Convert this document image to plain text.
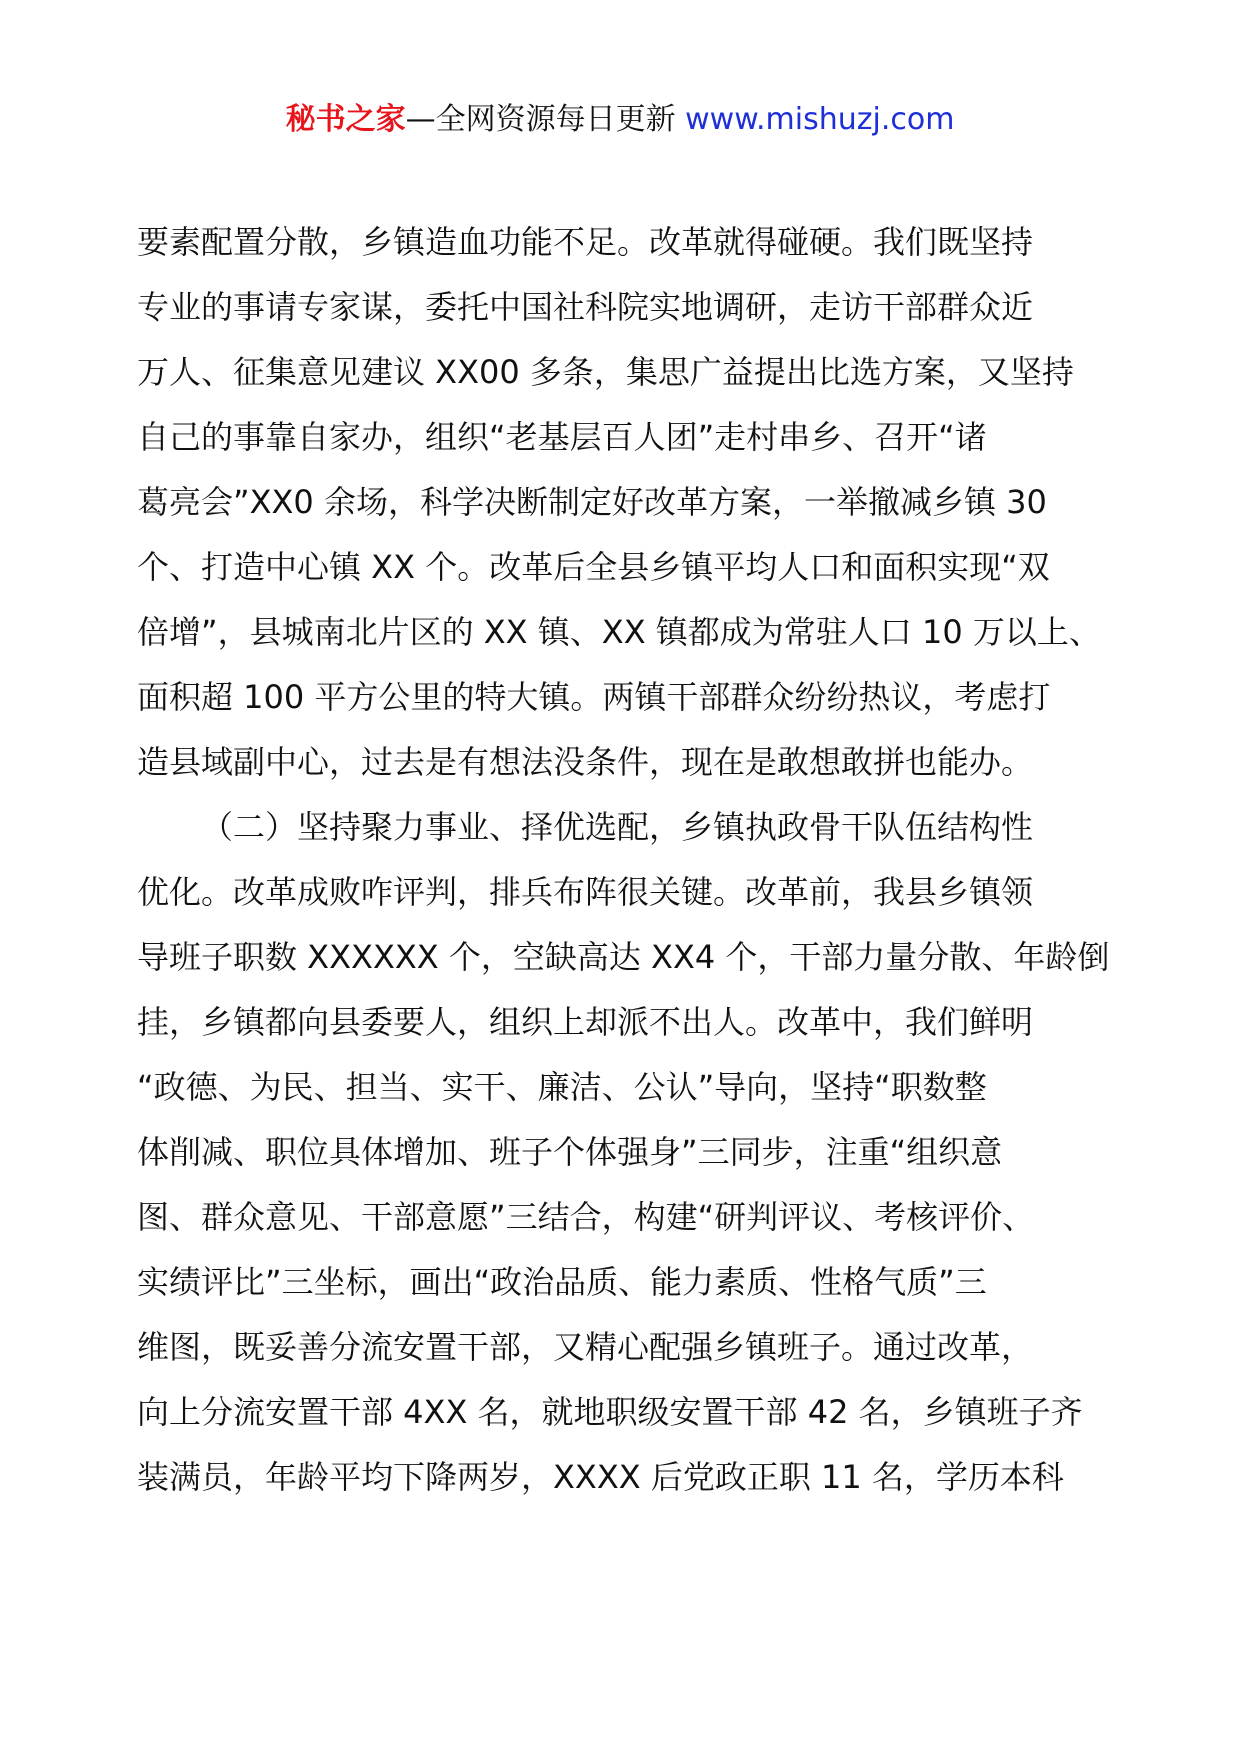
秘书之家—全网资源每日更新 www.mishuzj.com
要素配置分散，乡镇造血功能不足。改革就得碰硬。我们既坚持
专业的事请专家谋，委托中国社科院实地调研，走访干部群众近
万人、征集意见建议 XX00 多条，集思广益提出比选方案，又坚持
自己的事靠自家办，组织“老基层百人团”走村串乡、召开“诸
葛亮会”XX0 余场，科学决断制定好改革方案，一举撤减乡镇 30
个、打造中心镇 XX 个。改革后全县乡镇平均人口和面积实现“双
倍增”，县城南北片区的 XX 镇、XX 镇都成为常驻人口 10 万以上、
面积超 100 平方公里的特大镇。两镇干部群众纷纷热议，考虑打
造县域副中心，过去是有想法没条件，现在是敢想敢拼也能办。
（二）坚持聚力事业、择优选配，乡镇执政骨干队伍结构性
优化。改革成败咋评判，排兵布阵很关键。改革前，我县乡镇领
导班子职数 XXXXXX 个，空缺高达 XX4 个，干部力量分散、年龄倒
挂，乡镇都向县委要人，组织上却派不出人。改革中，我们鲜明
“政德、为民、担当、实干、廉洁、公认”导向，坚持“职数整
体削减、职位具体增加、班子个体强身”三同步，注重“组织意
图、群众意见、干部意愿”三结合，构建“研判评议、考核评价、
实绩评比”三坐标，画出“政治品质、能力素质、性格气质”三
维图，既妥善分流安置干部，又精心配强乡镇班子。通过改革，
向上分流安置干部 4XX 名，就地职级安置干部 42 名，乡镇班子齐
装满员，年龄平均下降两岁，XXXX 后党政正职 11 名，学历本科
